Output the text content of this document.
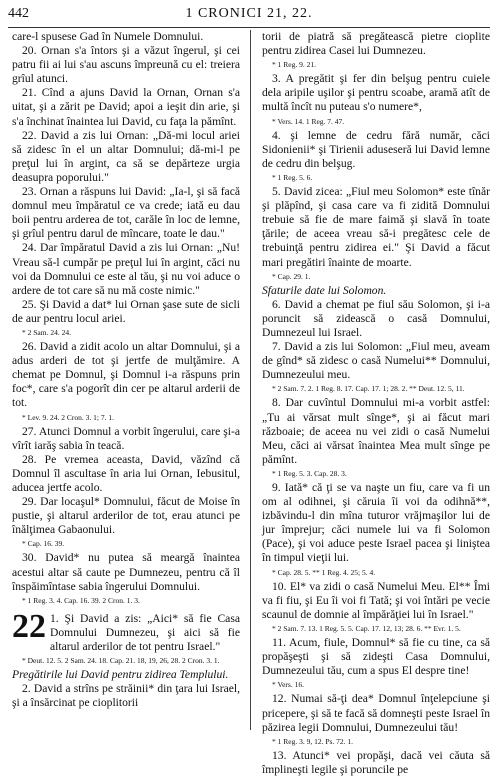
442	1 CRONICI 21, 22.

care-l spusese Gad în Numele Domnului.

20. Ornan s'a întors şi a văzut îngerul, şi cei patru fii ai lui s'au ascuns împreună cu el: treiera grîul atunci.

21. Cînd a ajuns David la Ornan, Ornan s'a uitat, şi a zărit pe David; apoi a ieşit din arie, şi s'a închinat înaintea lui David, cu faţa la pămînt.

22. David a zis lui Ornan: „Dă-mi locul ariei să zidesc în el un altar Domnului; dă-mi-l pe preţul lui în argint, ca să se depărteze urgia deasupra poporului."

23. Ornan a răspuns lui David: „Ia-l, şi să facă domnul meu împăratul ce va crede; iată eu dau boii pentru arderea de tot, carăle în loc de lemne, şi grîul pentru darul de mîncare, toate le dau."

24. Dar împăratul David a zis lui Ornan: „Nu! Vreau să-l cumpăr pe preţul lui în argint, căci nu voi da Domnului ce este al tău, şi nu voi aduce o ardere de tot care să nu mă coste nimic."

25. Şi David a dat* lui Ornan şase sute de sicli de aur pentru locul ariei.

* 2 Sam. 24. 24.

26. David a zidit acolo un altar Domnului, şi a adus arderi de tot şi jertfe de mulţămire. A chemat pe Domnul, şi Domnul i-a răspuns prin foc*, care s'a pogorît din cer pe altarul arderii de tot.

* Lev. 9. 24. 2 Cron. 3. 1; 7. 1.

27. Atunci Domnul a vorbit îngerului, care şi-a vîrît iarăş sabia în teacă.

28. Pe vremea aceasta, David, văzînd că Domnul îl ascultase în aria lui Ornan, Iebusitul, aducea jertfe acolo.

29. Dar locaşul* Domnului, făcut de Moise în pustie, şi altarul arderilor de tot, erau atunci pe înălţimea Gabaonului.

* Cap. 16. 39.

30. David* nu putea să meargă înaintea acestui altar să caute pe Dumnezeu, pentru că îl înspăimîntase sabia îngerului Domnului.

* 1 Reg. 3. 4. Cap. 16. 39. 2 Cron. 1. 3.

22 1. Şi David a zis: „Aici* să fie Casa Domnului Dumnezeu, şi aici să fie altarul arderilor de tot pentru Israel."

* Deut. 12. 5. 2 Sam. 24. 18. Cap. 21. 18, 19, 26, 28. 2 Cron. 3. 1.

Pregătirile lui David pentru zidirea Templului.

2. David a strîns pe străinii* din ţara lui Israel, şi a însărcinat pe cioplitorii

torii de piatră să pregătească pietre cioplite pentru zidirea Casei lui Dumnezeu.

* 1 Reg. 9. 21.

3. A pregătit şi fer din belşug pentru cuiele dela aripile uşilor şi pentru scoabe, aramă atît de multă încît nu puteau s'o numere*,

* Vers. 14. 1 Reg. 7. 47.

4. şi lemne de cedru fără număr, căci Sidonienii* şi Tirienii aduseseră lui David lemne de cedru din belşug.

* 1 Reg. 5. 6.

5. David zicea: „Fiul meu Solomon* este tînăr şi plăpînd, şi casa care va fi zidită Domnului trebuie să fie de mare faimă şi slavă în toate ţările; de aceea vreau să-i pregătesc cele de trebuinţă pentru zidirea ei." Şi David a făcut mari pregătiri înainte de moarte.

* Cap. 29. 1.

Sfaturile date lui Solomon.

6. David a chemat pe fiul său Solomon, şi i-a poruncit să zidească o casă Domnului, Dumnezeul lui Israel.

7. David a zis lui Solomon: „Fiul meu, aveam de gînd* să zidesc o casă Numelui** Domnului, Dumnezeului meu.

* 2 Sam. 7. 2. 1 Reg. 8. 17. Cap. 17. 1; 28. 2. ** Deut. 12. 5, 11.

8. Dar cuvîntul Domnului mi-a vorbit astfel: „Tu ai vărsat mult sînge*, şi ai făcut mari războaie; de aceea nu vei zidi o casă Numelui Meu, căci ai vărsat înaintea Mea mult sînge pe pămînt.

* 1 Reg. 5. 3. Cap. 28. 3.

9. Iată* că ţi se va naşte un fiu, care va fi un om al odihnei, şi căruia îi voi da odihnă**, izbăvindu-l din mîna tuturor vrăjmaşilor lui de jur împrejur; căci numele lui va fi Solomon (Pace), şi voi aduce peste Israel pacea şi liniştea în timpul vieţii lui.

* Cap. 28. 5. ** 1 Reg. 4. 25; 5. 4.

10. El* va zidi o casă Numelui Meu. El** Îmi va fi fiu, şi Eu îi voi fi Tată; şi voi întări pe vecie scaunul de domnie al împărăţiei lui în Israel."

* 2 Sam. 7. 13. 1 Reg. 5. 5. Cap. 17. 12, 13; 28. 6. ** Evr. 1. 5.

11. Acum, fiule, Domnul* să fie cu tine, ca să propăşeşti şi să zideşti Casa Domnului, Dumnezeului tău, cum a spus El despre tine!

* Vers. 16.

12. Numai să-ţi dea* Domnul înţelepciune şi pricepere, şi să te facă să domneşti peste Israel în păzirea legii Domnului, Dumnezeului tău!

* 1 Reg. 3. 9, 12. Ps. 72. 1.

13. Atunci* vei propăşi, dacă vei căuta să împlineşti legile şi poruncile pe
